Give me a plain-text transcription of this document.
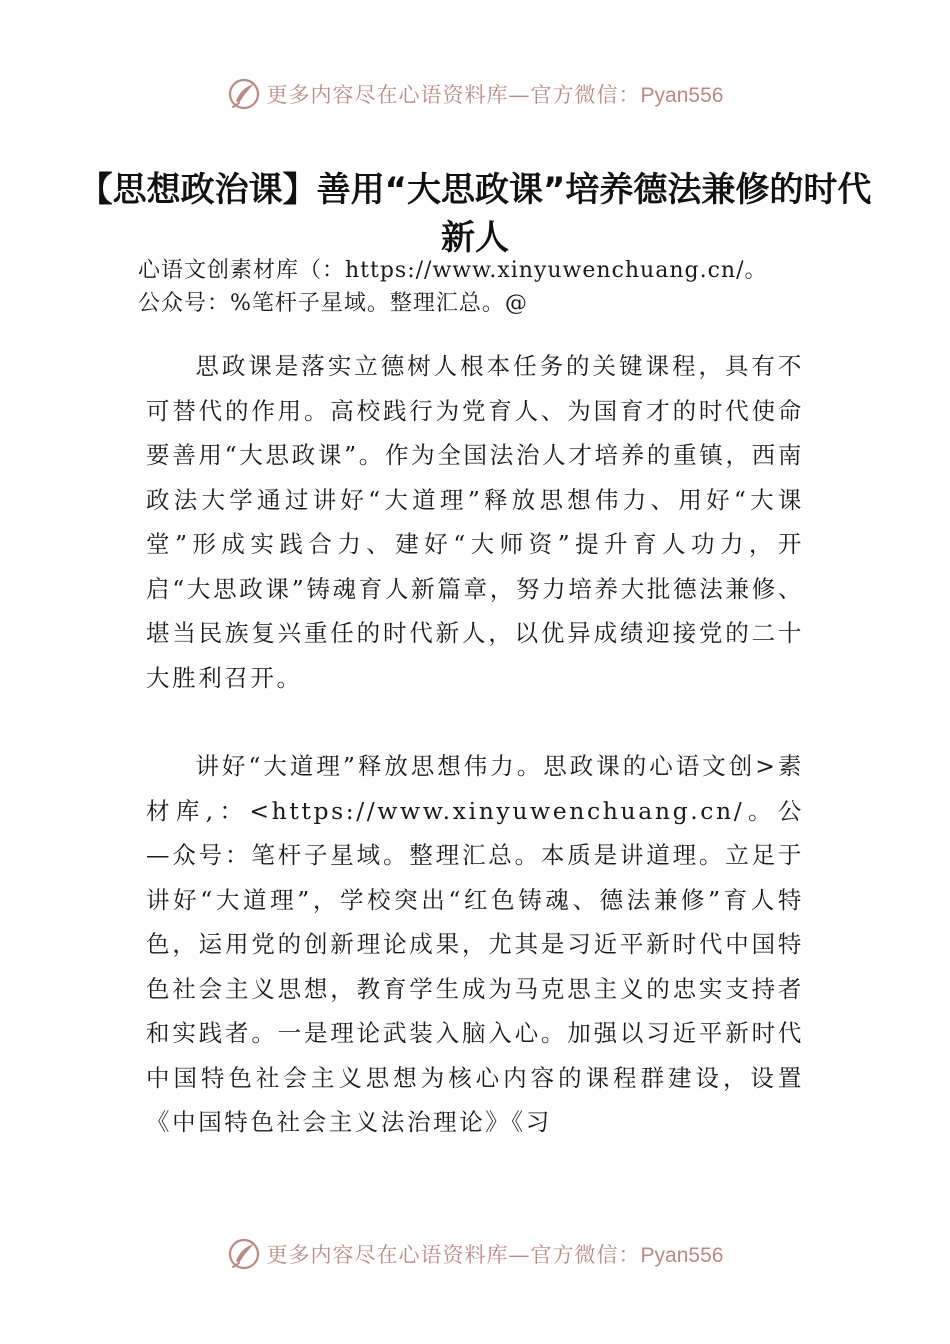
更多内容尽在心语资料库—官方微信：Pyan556
【思想政治课】善用“大思政课”培养德法兼修的时代新人
心语文创素材库（：https://www.xinyuwenchuang.cn/。
公众号：%笔杆子星域。整理汇总。@

思政课是落实立德树人根本任务的关键课程，具有不可替代的作用。高校践行为党育人、为国育才的时代使命要善用“大思政课”。作为全国法治人才培养的重镇，西南政法大学通过讲好“大道理”释放思想伟力、用好“大课堂”形成实践合力、建好“大师资”提升育人功力，开启“大思政课”铸魂育人新篇章，努力培养大批德法兼修、堪当民族复兴重任的时代新人，以优异成绩迎接党的二十大胜利召开。

讲好“大道理”释放思想伟力。思政课的心语文创>素材库,：<https://www.xinyuwenchuang.cn/。公—众号：笔杆子星域。整理汇总。本质是讲道理。立足于讲好“大道理”，学校突出“红色铸魂、德法兼修”育人特色，运用党的创新理论成果，尤其是习近平新时代中国特色社会主义思想，教育学生成为马克思主义的忠实支持者和实践者。一是理论武装入脑入心。加强以习近平新时代中国特色社会主义思想为核心内容的课程群建设，设置《中国特色社会主义法治理论》《习

更多内容尽在心语资料库—官方微信：Pyan556
